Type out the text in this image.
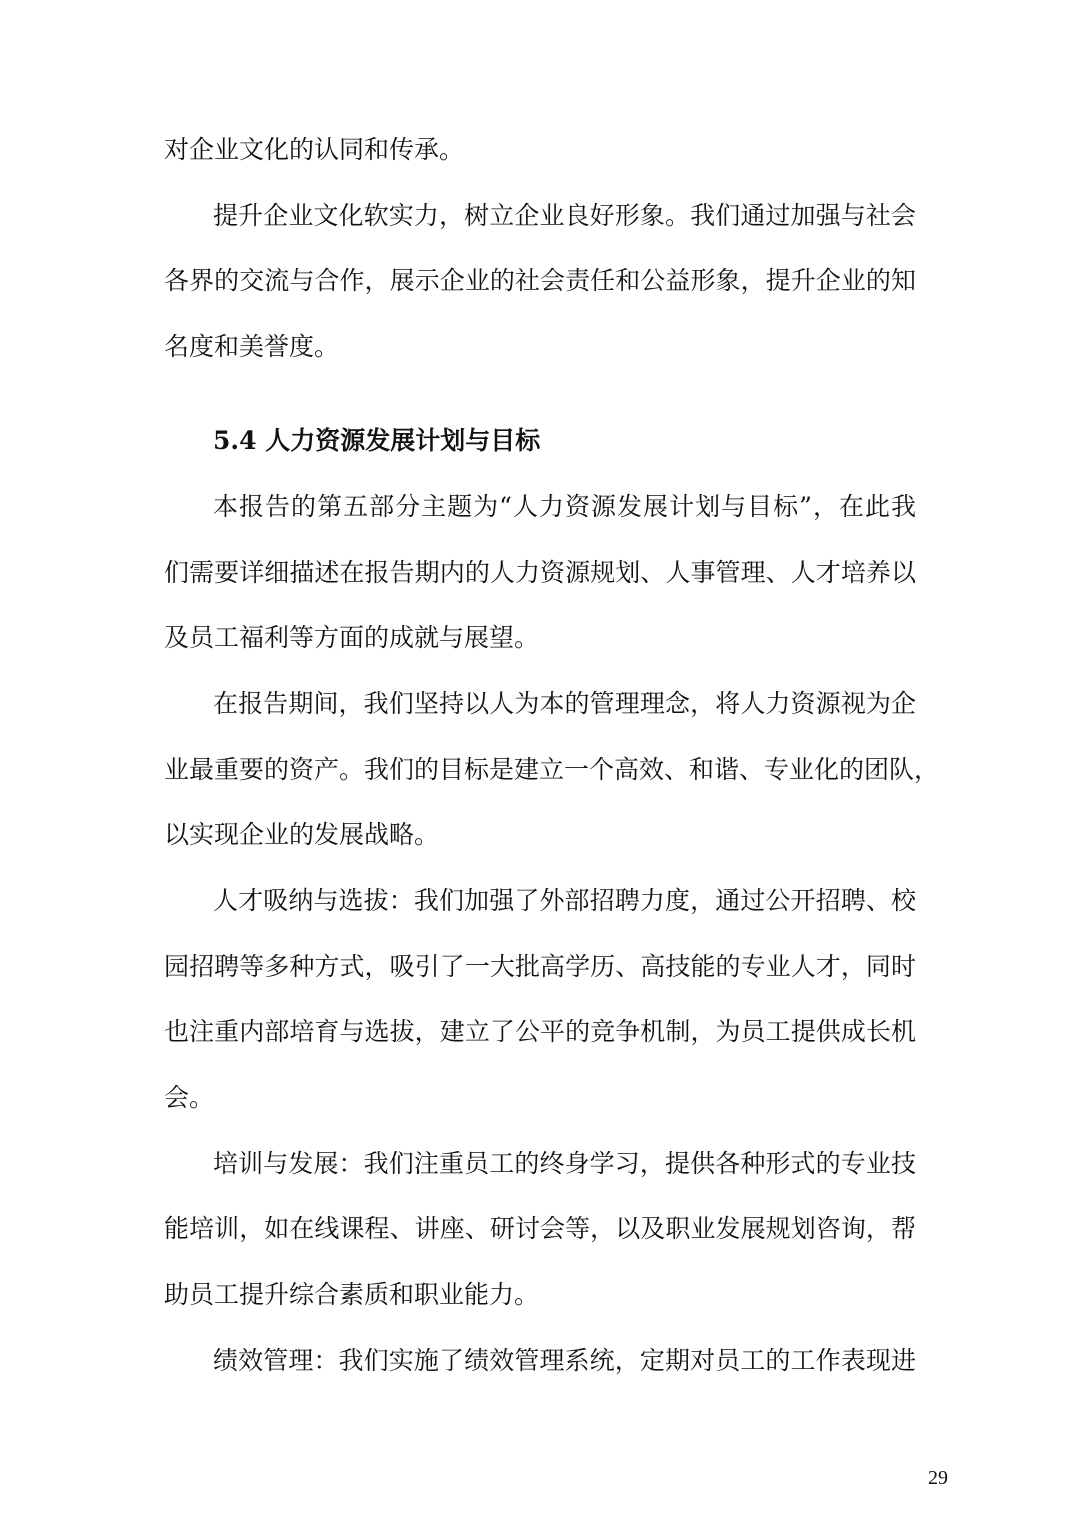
对企业文化的认同和传承。
提升企业文化软实力，树立企业良好形象。我们通过加强与社会
各界的交流与合作，展示企业的社会责任和公益形象，提升企业的知
名度和美誉度。
5.4 人力资源发展计划与目标
本报告的第五部分主题为“人力资源发展计划与目标”，在此我
们需要详细描述在报告期内的人力资源规划、人事管理、人才培养以
及员工福利等方面的成就与展望。
在报告期间，我们坚持以人为本的管理理念，将人力资源视为企
业最重要的资产。我们的目标是建立一个高效、和谐、专业化的团队，
以实现企业的发展战略。
人才吸纳与选拔：我们加强了外部招聘力度，通过公开招聘、校
园招聘等多种方式，吸引了一大批高学历、高技能的专业人才，同时
也注重内部培育与选拔，建立了公平的竞争机制，为员工提供成长机
会。
培训与发展：我们注重员工的终身学习，提供各种形式的专业技
能培训，如在线课程、讲座、研讨会等，以及职业发展规划咨询，帮
助员工提升综合素质和职业能力。
绩效管理：我们实施了绩效管理系统，定期对员工的工作表现进
29
